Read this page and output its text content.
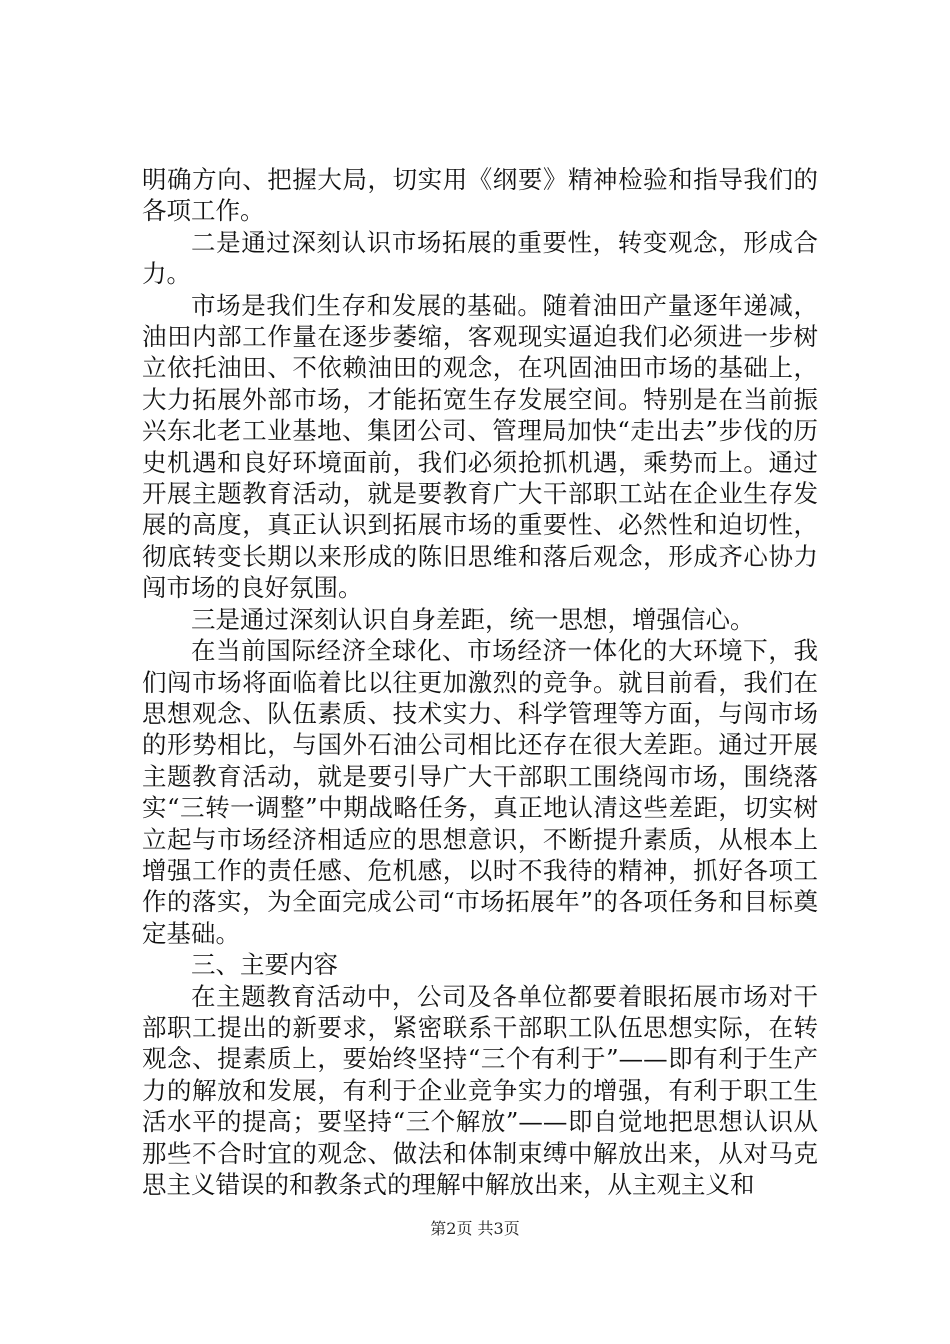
明确方向、把握大局，切实用《纲要》精神检验和指导我们的各项工作。

二是通过深刻认识市场拓展的重要性，转变观念，形成合力。

市场是我们生存和发展的基础。随着油田产量逐年递减，油田内部工作量在逐步萎缩，客观现实逼迫我们必须进一步树立依托油田、不依赖油田的观念，在巩固油田市场的基础上，大力拓展外部市场，才能拓宽生存发展空间。特别是在当前振兴东北老工业基地、集团公司、管理局加快“走出去”步伐的历史机遇和良好环境面前，我们必须抢抓机遇，乘势而上。通过开展主题教育活动，就是要教育广大干部职工站在企业生存发展的高度，真正认识到拓展市场的重要性、必然性和迫切性，彻底转变长期以来形成的陈旧思维和落后观念，形成齐心协力闯市场的良好氛围。

三是通过深刻认识自身差距，统一思想，增强信心。

在当前国际经济全球化、市场经济一体化的大环境下，我们闯市场将面临着比以往更加激烈的竞争。就目前看，我们在思想观念、队伍素质、技术实力、科学管理等方面，与闯市场的形势相比，与国外石油公司相比还存在很大差距。通过开展主题教育活动，就是要引导广大干部职工围绕闯市场，围绕落实“三转一调整”中期战略任务，真正地认清这些差距，切实树立起与市场经济相适应的思想意识，不断提升素质，从根本上增强工作的责任感、危机感，以时不我待的精神，抓好各项工作的落实，为全面完成公司“市场拓展年”的各项任务和目标奠定基础。

三、主要内容

在主题教育活动中，公司及各单位都要着眼拓展市场对干部职工提出的新要求，紧密联系干部职工队伍思想实际，在转观念、提素质上，要始终坚持“三个有利于”——即有利于生产力的解放和发展，有利于企业竞争实力的增强，有利于职工生活水平的提高；要坚持“三个解放”——即自觉地把思想认识从那些不合时宜的观念、做法和体制束缚中解放出来，从对马克思主义错误的和教条式的理解中解放出来，从主观主义和

第2页 共3页
